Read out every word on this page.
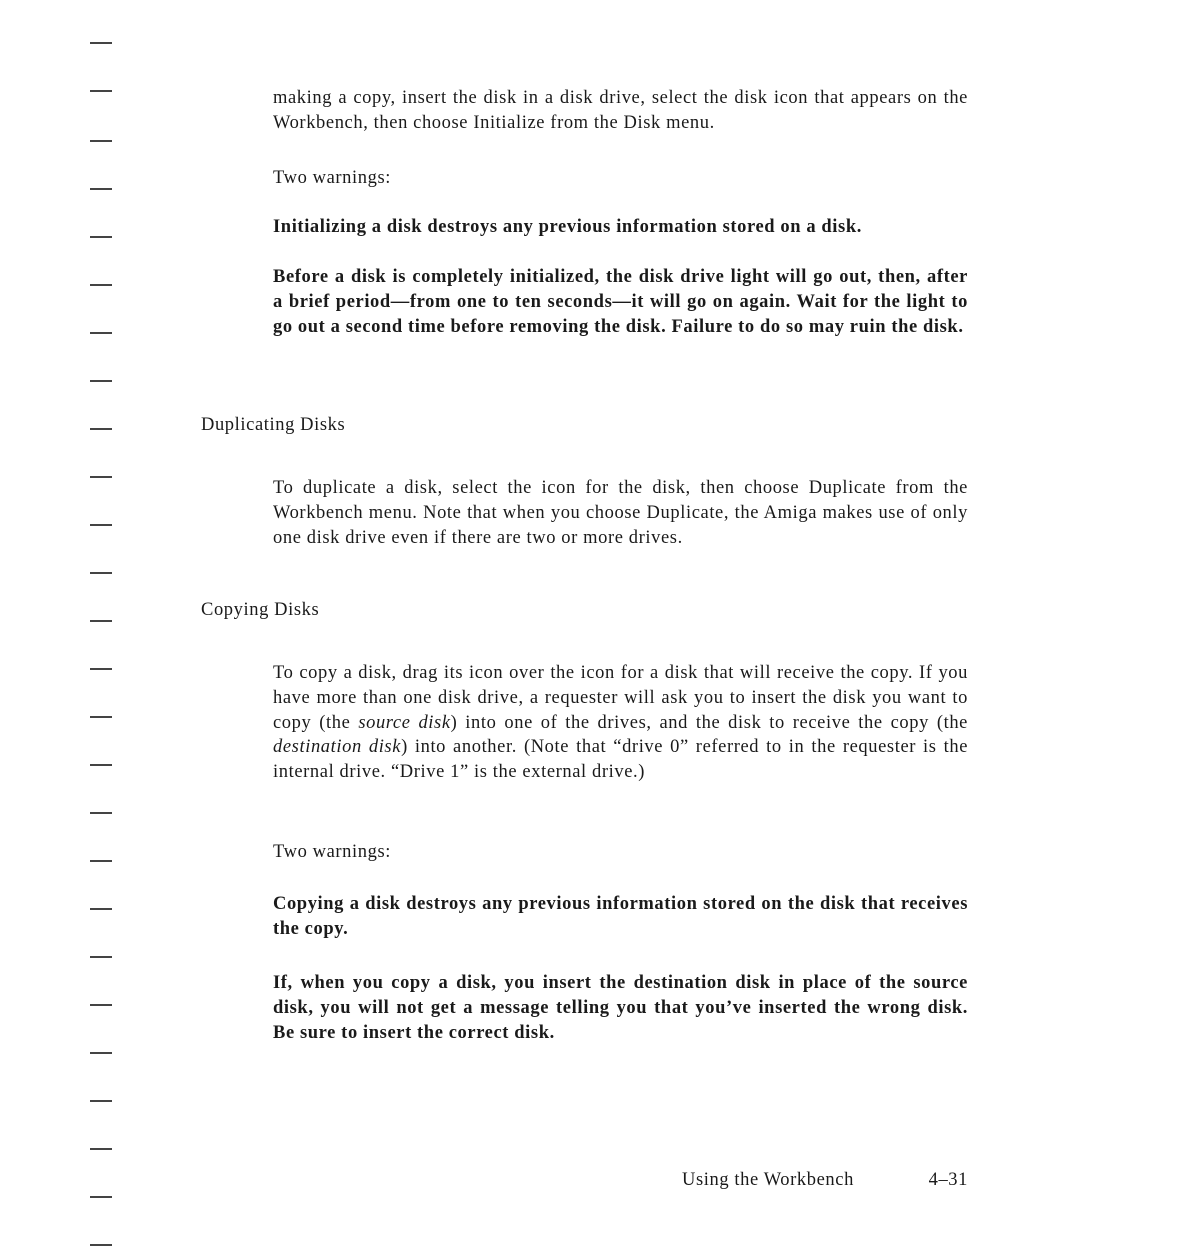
making a copy, insert the disk in a disk drive, select the disk icon that appears on the Workbench, then choose Initialize from the Disk menu.

Two warnings:

Initializing a disk destroys any previous information stored on a disk.

Before a disk is completely initialized, the disk drive light will go out, then, after a brief period—from one to ten seconds—it will go on again. Wait for the light to go out a second time before removing the disk. Failure to do so may ruin the disk.

Duplicating Disks

To duplicate a disk, select the icon for the disk, then choose Duplicate from the Workbench menu. Note that when you choose Duplicate, the Amiga makes use of only one disk drive even if there are two or more drives.

Copying Disks

To copy a disk, drag its icon over the icon for a disk that will receive the copy. If you have more than one disk drive, a requester will ask you to insert the disk you want to copy (the source disk) into one of the drives, and the disk to receive the copy (the destination disk) into another. (Note that “drive 0” referred to in the requester is the internal drive. “Drive 1” is the external drive.)

Two warnings:

Copying a disk destroys any previous information stored on the disk that receives the copy.

If, when you copy a disk, you insert the destination disk in place of the source disk, you will not get a message telling you that you’ve inserted the wrong disk. Be sure to insert the correct disk.

Using the Workbench	4–31
